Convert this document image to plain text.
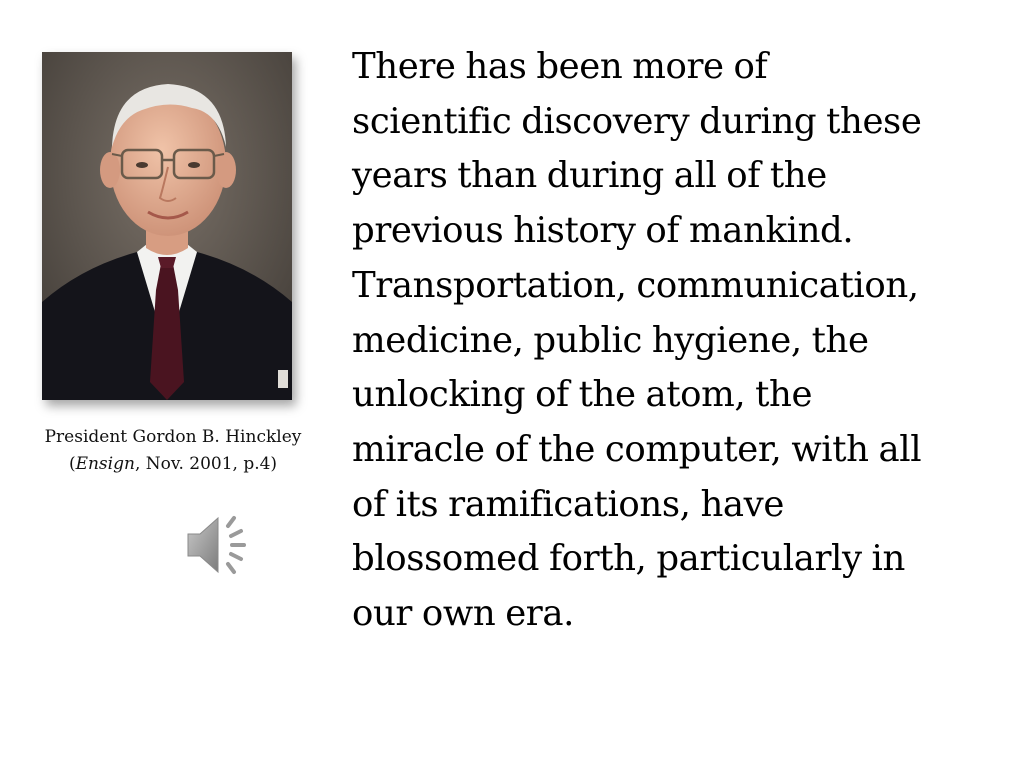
President Gordon B. Hinckley
(Ensign, Nov. 2001, p.4)

There has been more of
scientific discovery during these
years than during all of the
previous history of mankind.
Transportation, communication,
medicine, public hygiene, the
unlocking of the atom, the
miracle of the computer, with all
of its ramifications, have
blossomed forth, particularly in
our own era.
